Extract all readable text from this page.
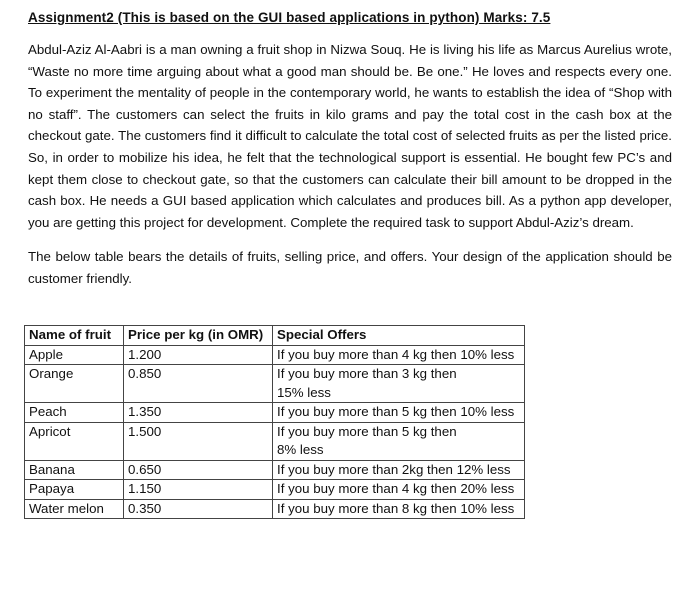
Assignment2 (This is based on the GUI based applications in python) Marks: 7.5
Abdul-Aziz Al-Aabri is a man owning a fruit shop in Nizwa Souq. He is living his life as Marcus Aurelius wrote, “Waste no more time arguing about what a good man should be. Be one.” He loves and respects every one. To experiment the mentality of people in the contemporary world, he wants to establish the idea of “Shop with no staff”. The customers can select the fruits in kilo grams and pay the total cost in the cash box at the checkout gate. The customers find it difficult to calculate the total cost of selected fruits as per the listed price. So, in order to mobilize his idea, he felt that the technological support is essential. He bought few PC’s and kept them close to checkout gate, so that the customers can calculate their bill amount to be dropped in the cash box. He needs a GUI based application which calculates and produces bill. As a python app developer, you are getting this project for development. Complete the required task to support Abdul-Aziz’s dream.
The below table bears the details of fruits, selling price, and offers. Your design of the application should be customer friendly.
Name of fruit	Price per kg (in OMR)	Special Offers
Apple	1.200	If you buy more than 4 kg then 10% less

Orange	0.850	If you buy more than 3 kg then
15% less

Peach	1.350	If you buy more than 5 kg then 10% less

Apricot	1.500	If you buy more than 5 kg then
8% less

Banana	0.650	If you buy more than 2kg then 12% less

Papaya	1.150	If you buy more than 4 kg then 20% less

Water melon	0.350	If you buy more than 8 kg then 10% less
